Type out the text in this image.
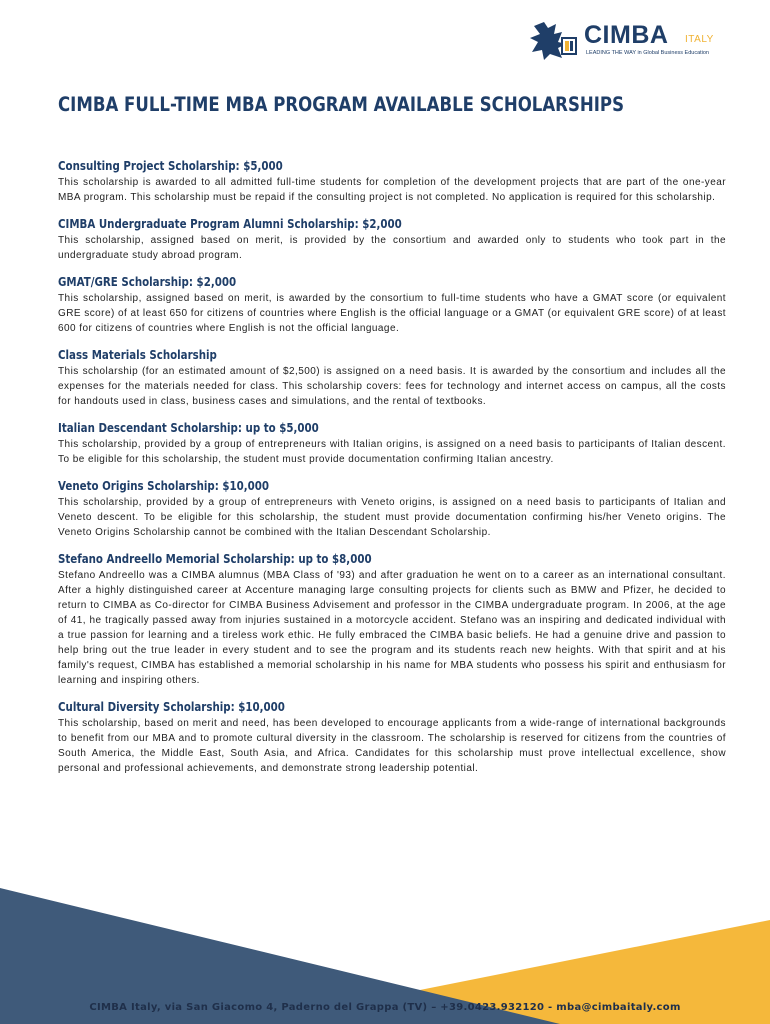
CIMBA ITALY
LEADING THE WAY in Global Business Education
CIMBA FULL-TIME MBA PROGRAM AVAILABLE SCHOLARSHIPS
Consulting Project Scholarship: $5,000

This scholarship is awarded to all admitted full-time students for completion of the development projects that are part of the one-year MBA program. This scholarship must be repaid if the consulting project is not completed. No application is required for this scholarship.

CIMBA Undergraduate Program Alumni Scholarship: $2,000

This scholarship, assigned based on merit, is provided by the consortium and awarded only to students who took part in the undergraduate study abroad program.

GMAT/GRE Scholarship: $2,000

This scholarship, assigned based on merit, is awarded by the consortium to full-time students who have a GMAT score (or equivalent GRE score) of at least 650 for citizens of countries where English is the official language or a GMAT (or equivalent GRE score) of at least 600 for citizens of countries where English is not the official language.

Class Materials Scholarship

This scholarship (for an estimated amount of $2,500) is assigned on a need basis. It is awarded by the consortium and includes all the expenses for the materials needed for class. This scholarship covers: fees for technology and internet access on campus, all the costs for handouts used in class, business cases and simulations, and the rental of textbooks.

Italian Descendant Scholarship: up to $5,000

This scholarship, provided by a group of entrepreneurs with Italian origins, is assigned on a need basis to participants of Italian descent. To be eligible for this scholarship, the student must provide documentation confirming Italian ancestry.

Veneto Origins Scholarship: $10,000

This scholarship, provided by a group of entrepreneurs with Veneto origins, is assigned on a need basis to participants of Italian and Veneto descent. To be eligible for this scholarship, the student must provide documentation confirming his/her Veneto origins. The Veneto Origins Scholarship cannot be combined with the Italian Descendant Scholarship.

Stefano Andreello Memorial Scholarship: up to $8,000

Stefano Andreello was a CIMBA alumnus (MBA Class of '93) and after graduation he went on to a career as an international consultant. After a highly distinguished career at Accenture managing large consulting projects for clients such as BMW and Pfizer, he decided to return to CIMBA as Co-director for CIMBA Business Advisement and professor in the CIMBA undergraduate program. In 2006, at the age of 41, he tragically passed away from injuries sustained in a motorcycle accident. Stefano was an inspiring and dedicated individual with a true passion for learning and a tireless work ethic. He fully embraced the CIMBA basic beliefs. He had a genuine drive and passion to help bring out the true leader in every student and to see the program and its students reach new heights. With that spirit and at his family's request, CIMBA has established a memorial scholarship in his name for MBA students who possess his spirit and enthusiasm for learning and inspiring others.

Cultural Diversity Scholarship: $10,000

This scholarship, based on merit and need, has been developed to encourage applicants from a wide-range of international backgrounds to benefit from our MBA and to promote cultural diversity in the classroom. The scholarship is reserved for citizens from the countries of South America, the Middle East, South Asia, and Africa. Candidates for this scholarship must prove intellectual excellence, show personal and professional achievements, and demonstrate strong leadership potential.

CIMBA Italy, via San Giacomo 4, Paderno del Grappa (TV) – +39.0423.932120 - mba@cimbaitaly.com
